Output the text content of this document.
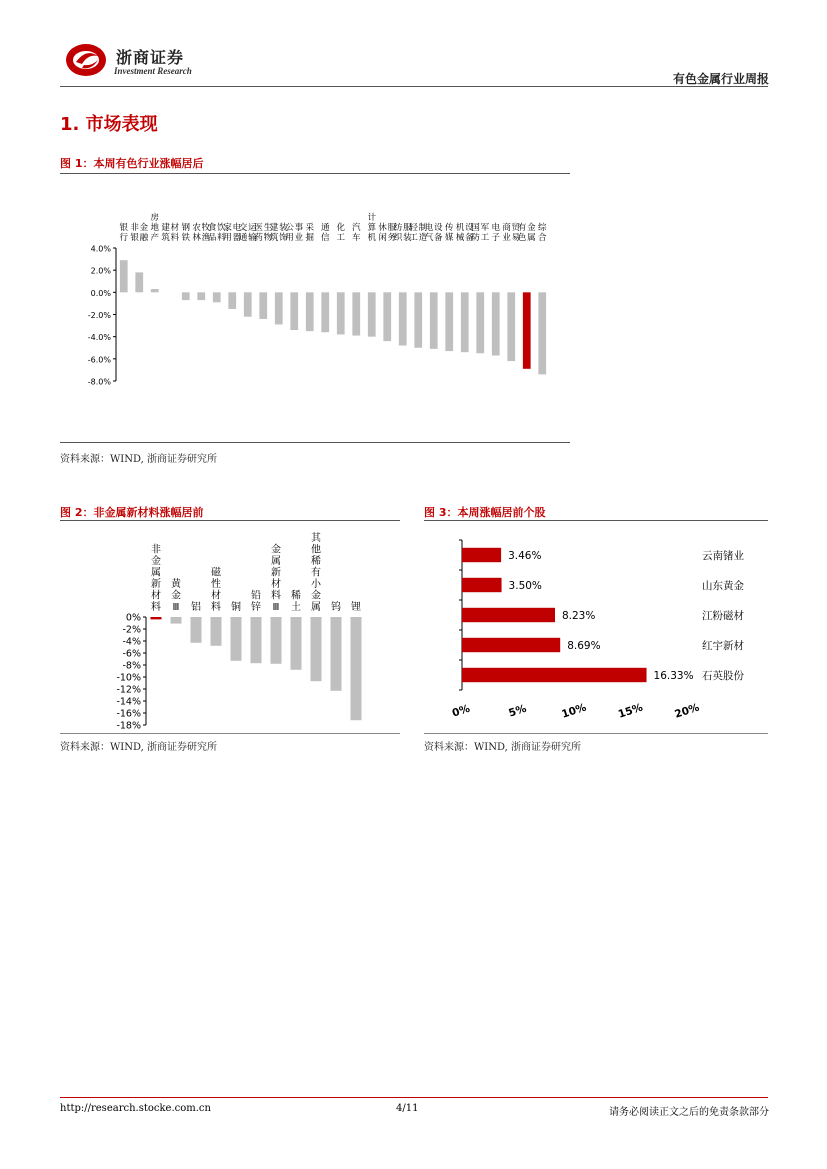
浙商证券
Investment Research
有色金属行业周报
1. 市场表现
图 1：本周有色行业涨幅居后
4.0%
2.0%
0.0%
-2.0%
-4.0%
-6.0%
-8.0%
银行
非银金融
房地产
建筑材料
钢铁
农林牧渔
食品饮料
家用电器
交通运输
医药生物
建筑装饰
公用事业
采掘
通信
化工
汽车
计算机
休闲服务
纺织服装
轻工制造
电气设备
传媒
机械设备
国防军工
电子
商业贸易
有色金属
综合
资料来源：WIND, 浙商证券研究所
图 2：非金属新材料涨幅居前
0%
-2%
-4%
-6%
-8%
-10%
-12%
-14%
-16%
-18%
非金属新材料
黄金 Ⅲ 铝
磁性材料 铜
铅锌
金属新材料 Ⅲ
稀土
其他稀有小金属 钨 锂
资料来源：WIND, 浙商证券研究所
图 3：本周涨幅居前个股
3.46%	云南锗业
3.50%	山东黄金
8.23%	江粉磁材
8.69%	红宇新材
16.33% 石英股份
0%	5%	10%	15%	20%
资料来源：WIND, 浙商证券研究所
http://research.stocke.com.cn	4/11	请务必阅读正文之后的免责条款部分
